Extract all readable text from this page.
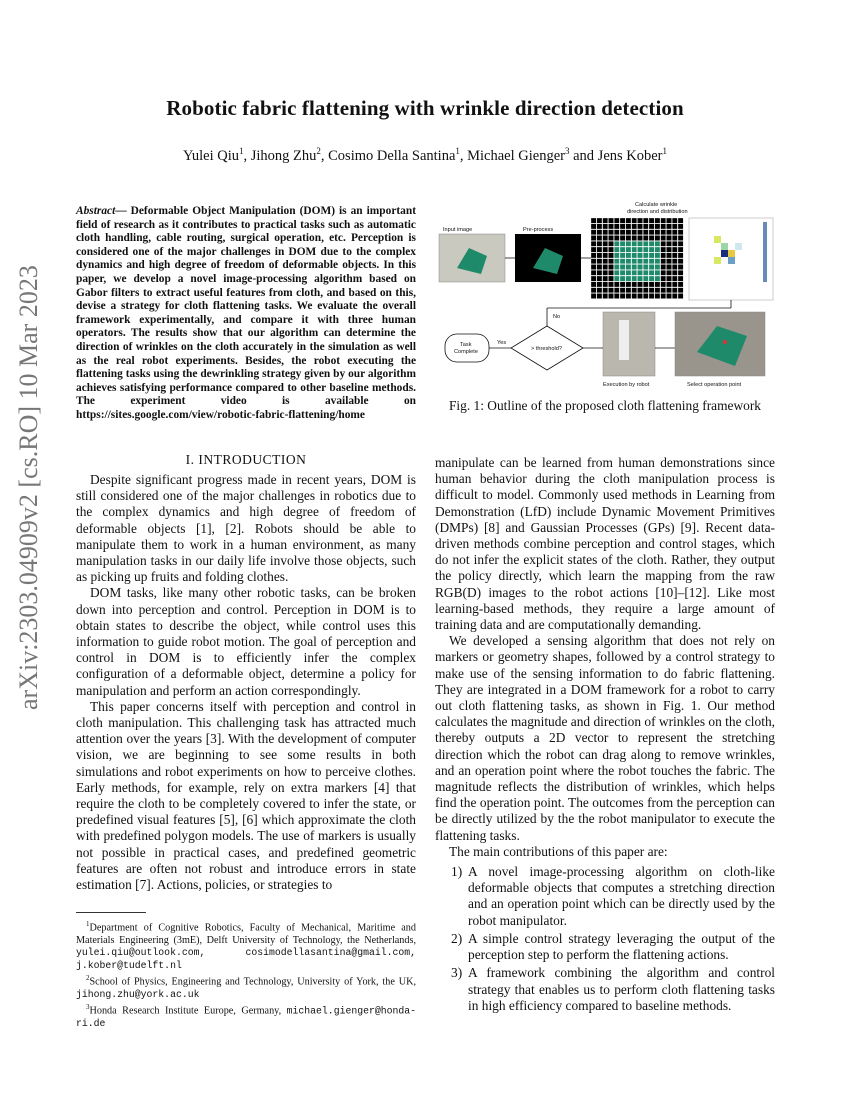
Robotic fabric flattening with wrinkle direction detection
Yulei Qiu$^1$, Jihong Zhu$^2$, Cosimo Della Santina$^1$, Michael Gienger$^3$ and Jens Kober$^1$
arXiv:2303.04909v2 [cs.RO] 10 Mar 2023
Abstract— Deformable Object Manipulation (DOM) is an important field of research as it contributes to practical tasks such as automatic cloth handling, cable routing, surgical operation, etc. Perception is considered one of the major challenges in DOM due to the complex dynamics and high degree of freedom of deformable objects. In this paper, we develop a novel image-processing algorithm based on Gabor filters to extract useful features from cloth, and based on this, devise a strategy for cloth flattening tasks. We evaluate the overall framework experimentally, and compare it with three human operators. The results show that our algorithm can determine the direction of wrinkles on the cloth accurately in the simulation as well as the real robot experiments. Besides, the robot executing the flattening tasks using the dewrinkling strategy given by our algorithm achieves satisfying performance compared to other baseline methods. The experiment video is available on https://sites.google.com/view/robotic-fabric-flattening/home
I. INTRODUCTION

Despite significant progress made in recent years, DOM is still considered one of the major challenges in robotics due to the complex dynamics and high degree of freedom of deformable objects [1], [2]. Robots should be able to manipulate them to work in a human environment, as many manipulation tasks in our daily life involve those objects, such as picking up fruits and folding clothes.

DOM tasks, like many other robotic tasks, can be broken down into perception and control. Perception in DOM is to obtain states to describe the object, while control uses this information to guide robot motion. The goal of perception and control in DOM is to efficiently infer the complex configuration of a deformable object, determine a policy for manipulation and perform an action correspondingly.

This paper concerns itself with perception and control in cloth manipulation. This challenging task has attracted much attention over the years [3]. With the development of computer vision, we are beginning to see some results in both simulations and robot experiments on how to perceive clothes. Early methods, for example, rely on extra markers [4] that require the cloth to be completely covered to infer the state, or predefined visual features [5], [6] which approximate the cloth with predefined polygon models. The use of markers is usually not possible in practical cases, and predefined geometric features are often not robust and introduce errors in state estimation [7]. Actions, policies, or strategies to

$^1$Department of Cognitive Robotics, Faculty of Mechanical, Maritime and Materials Engineering (3mE), Delft University of Technology, the Netherlands, yulei.qiu@outlook.com, cosimodellasantina@gmail.com, j.kober@tudelft.nl

$^2$School of Physics, Engineering and Technology, University of York, the UK, jihong.zhu@york.ac.uk

$^3$Honda Research Institute Europe, Germany, michael.gienger@honda-ri.de

Input image	Pre-process
Calculate wrinkle
direction and distribution
No
> threshold?
Yes
Task
Complete
Execution by robot	Select operation point
Fig. 1: Outline of the proposed cloth flattening framework

manipulate can be learned from human demonstrations since human behavior during the cloth manipulation process is difficult to model. Commonly used methods in Learning from Demonstration (LfD) include Dynamic Movement Primitives (DMPs) [8] and Gaussian Processes (GPs) [9]. Recent data-driven methods combine perception and control stages, which do not infer the explicit states of the cloth. Rather, they output the policy directly, which learn the mapping from the raw RGB(D) images to the robot actions [10]–[12]. Like most learning-based methods, they require a large amount of training data and are computationally demanding.

We developed a sensing algorithm that does not rely on markers or geometry shapes, followed by a control strategy to make use of the sensing information to do fabric flattening. They are integrated in a DOM framework for a robot to carry out cloth flattening tasks, as shown in Fig. 1. Our method calculates the magnitude and direction of wrinkles on the cloth, thereby outputs a 2D vector to represent the stretching direction which the robot can drag along to remove wrinkles, and an operation point where the robot touches the fabric. The magnitude reflects the distribution of wrinkles, which helps find the operation point. The outcomes from the perception can be directly utilized by the the robot manipulator to execute the flattening tasks.

The main contributions of this paper are:

1) A novel image-processing algorithm on cloth-like deformable objects that computes a stretching direction and an operation point which can be directly used by the robot manipulator.
2) A simple control strategy leveraging the output of the perception step to perform the flattening actions.
3) A framework combining the algorithm and control strategy that enables us to perform cloth flattening tasks in high efficiency compared to baseline methods.
